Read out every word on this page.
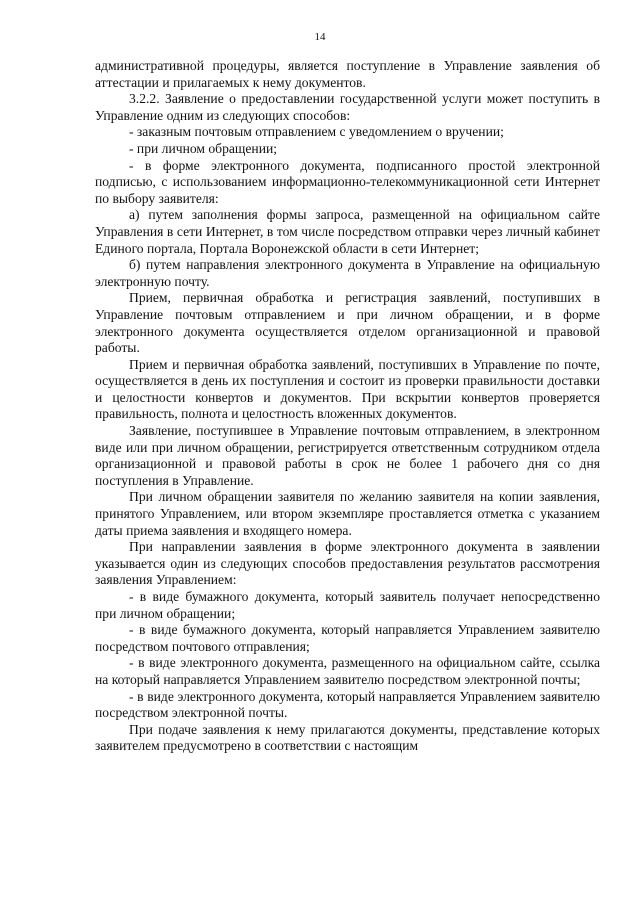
14

административной процедуры, является поступление в Управление заявления об аттестации и прилагаемых к нему документов.

3.2.2. Заявление о предоставлении государственной услуги может поступить в Управление одним из следующих способов:

- заказным почтовым отправлением с уведомлением о вручении;

- при личном обращении;

- в форме электронного документа, подписанного простой электронной подписью, с использованием информационно-телекоммуникационной сети Интернет по выбору заявителя:

а) путем заполнения формы запроса, размещенной на официальном сайте Управления в сети Интернет, в том числе посредством отправки через личный кабинет Единого портала, Портала Воронежской области в сети Интернет;

б) путем направления электронного документа в Управление на официальную электронную почту.

Прием, первичная обработка и регистрация заявлений, поступивших в Управление почтовым отправлением и при личном обращении, и в форме электронного документа осуществляется отделом организационной и правовой работы.

Прием и первичная обработка заявлений, поступивших в Управление по почте, осуществляется в день их поступления и состоит из проверки правильности доставки и целостности конвертов и документов. При вскрытии конвертов проверяется правильность, полнота и целостность вложенных документов.

Заявление, поступившее в Управление почтовым отправлением, в электронном виде или при личном обращении, регистрируется ответственным сотрудником отдела организационной и правовой работы в срок не более 1 рабочего дня со дня поступления в Управление.

При личном обращении заявителя по желанию заявителя на копии заявления, принятого Управлением, или втором экземпляре проставляется отметка с указанием даты приема заявления и входящего номера.

При направлении заявления в форме электронного документа в заявлении указывается один из следующих способов предоставления результатов рассмотрения заявления Управлением:

- в виде бумажного документа, который заявитель получает непосредственно при личном обращении;

- в виде бумажного документа, который направляется Управлением заявителю посредством почтового отправления;

- в виде электронного документа, размещенного на официальном сайте, ссылка на который направляется Управлением заявителю посредством электронной почты;

- в виде электронного документа, который направляется Управлением заявителю посредством электронной почты.

При подаче заявления к нему прилагаются документы, представление которых заявителем предусмотрено в соответствии с настоящим
